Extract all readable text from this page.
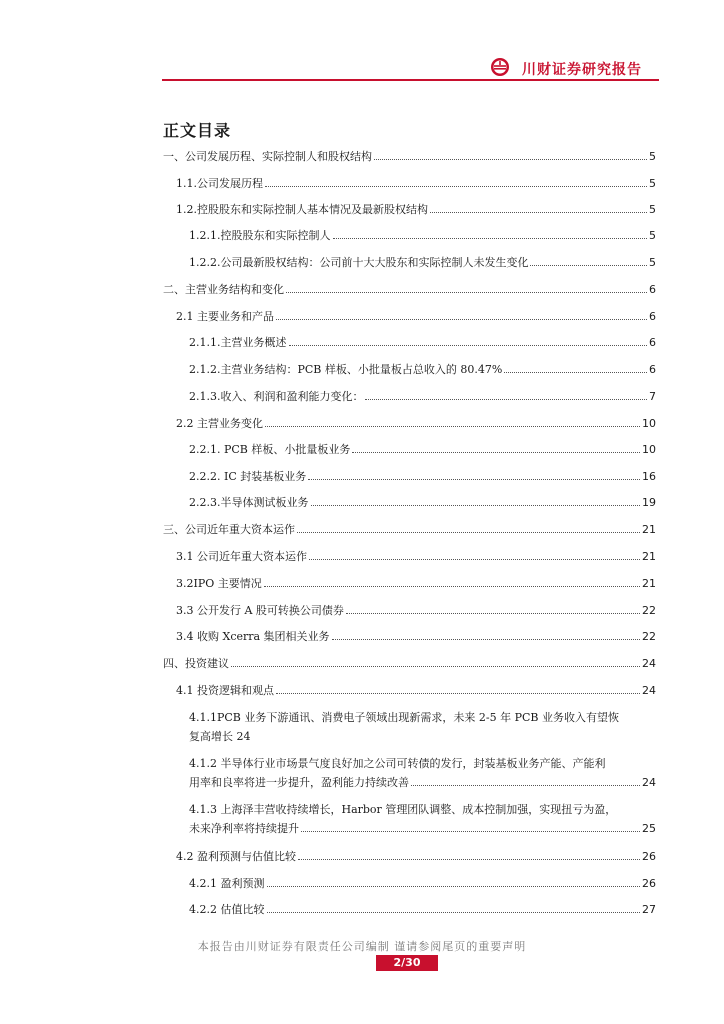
川财证券研究报告
正文目录
一、公司发展历程、实际控制人和股权结构	5
1.1.公司发展历程	5
1.2.控股股东和实际控制人基本情况及最新股权结构	5
1.2.1.控股股东和实际控制人	5
1.2.2.公司最新股权结构：公司前十大大股东和实际控制人未发生变化	5
二、主营业务结构和变化	6
2.1 主要业务和产品	6
2.1.1.主营业务概述	6
2.1.2.主营业务结构：PCB 样板、小批量板占总收入的 80.47%	6
2.1.3.收入、利润和盈利能力变化：	7
2.2 主营业务变化	10
2.2.1. PCB 样板、小批量板业务	10
2.2.2. IC 封装基板业务	16
2.2.3.半导体测试板业务	19
三、公司近年重大资本运作	21
3.1 公司近年重大资本运作	21
3.2IPO 主要情况	21
3.3 公开发行 A 股可转换公司债券	22
3.4 收购 Xcerra 集团相关业务	22
四、投资建议	24
4.1 投资逻辑和观点	24
4.1.1PCB 业务下游通讯、消费电子领域出现新需求，未来 2-5 年 PCB 业务收入有望恢
复高增长 24
4.1.2 半导体行业市场景气度良好加之公司可转债的发行，封装基板业务产能、产能利
用率和良率将进一步提升，盈利能力持续改善	24
4.1.3 上海泽丰营收持续增长，Harbor 管理团队调整、成本控制加强，实现扭亏为盈，
未来净利率将持续提升	25
4.2 盈利预测与估值比较	26
4.2.1 盈利预测	26
4.2.2 估值比较	27
本报告由川财证券有限责任公司编制 谨请参阅尾页的重要声明
2/30
